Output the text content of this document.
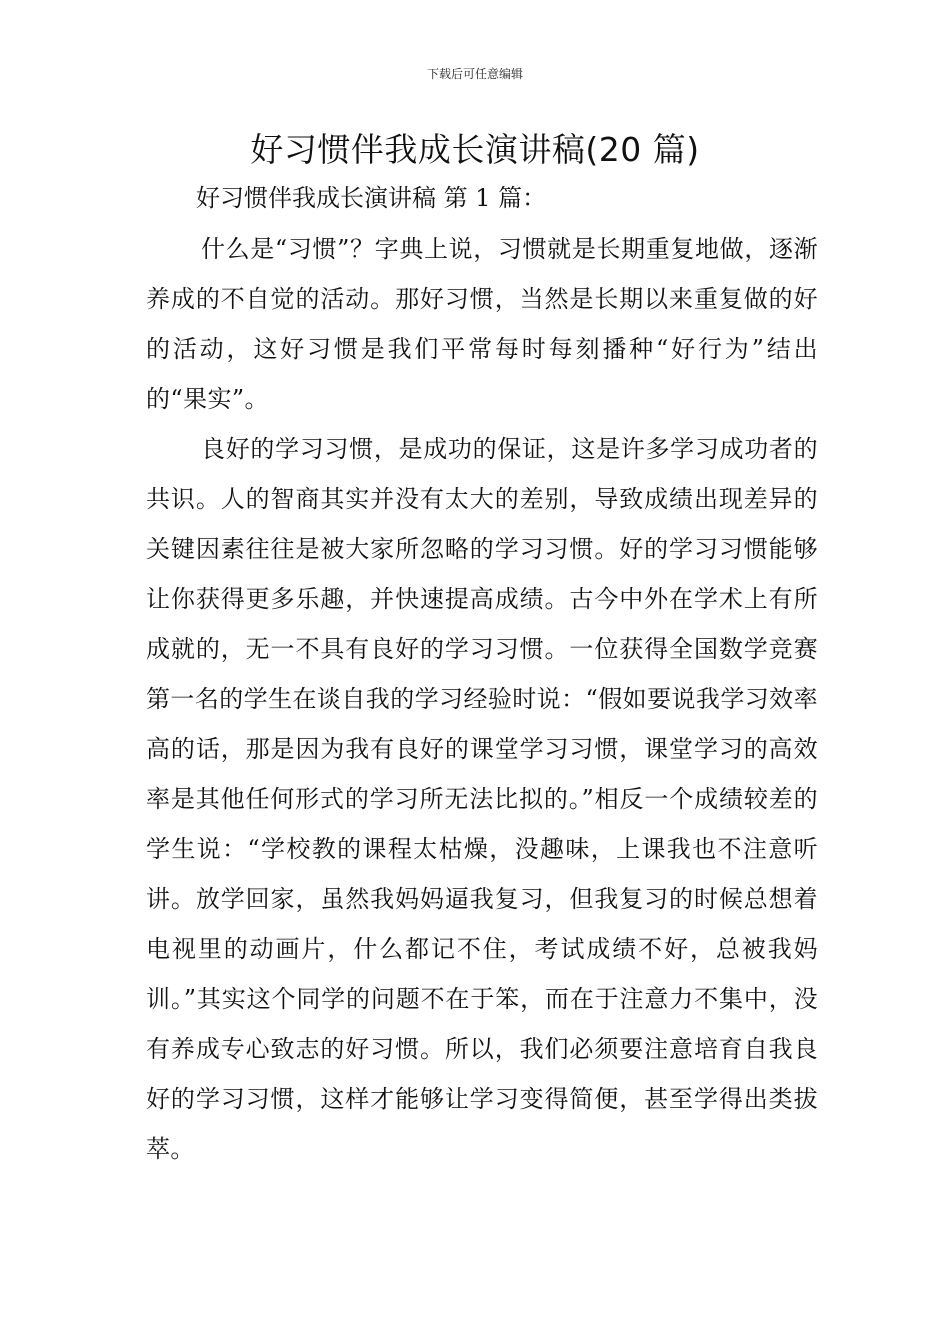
下载后可任意编辑
好习惯伴我成长演讲稿(20 篇)
好习惯伴我成长演讲稿 第 1 篇：

什么是“习惯”？字典上说，习惯就是长期重复地做，逐渐养成的不自觉的活动。那好习惯，当然是长期以来重复做的好的活动，这好习惯是我们平常每时每刻播种“好行为”结出的“果实”。

良好的学习习惯，是成功的保证，这是许多学习成功者的共识。人的智商其实并没有太大的差别，导致成绩出现差异的关键因素往往是被大家所忽略的学习习惯。好的学习习惯能够让你获得更多乐趣，并快速提高成绩。古今中外在学术上有所成就的，无一不具有良好的学习习惯。一位获得全国数学竞赛第一名的学生在谈自我的学习经验时说：“假如要说我学习效率高的话，那是因为我有良好的课堂学习习惯，课堂学习的高效率是其他任何形式的学习所无法比拟的。”相反一个成绩较差的学生说：“学校教的课程太枯燥，没趣味，上课我也不注意听讲。放学回家，虽然我妈妈逼我复习，但我复习的时候总想着电视里的动画片，什么都记不住，考试成绩不好，总被我妈训。”其实这个同学的问题不在于笨，而在于注意力不集中，没有养成专心致志的好习惯。所以，我们必须要注意培育自我良好的学习习惯，这样才能够让学习变得简便，甚至学得出类拔萃。
